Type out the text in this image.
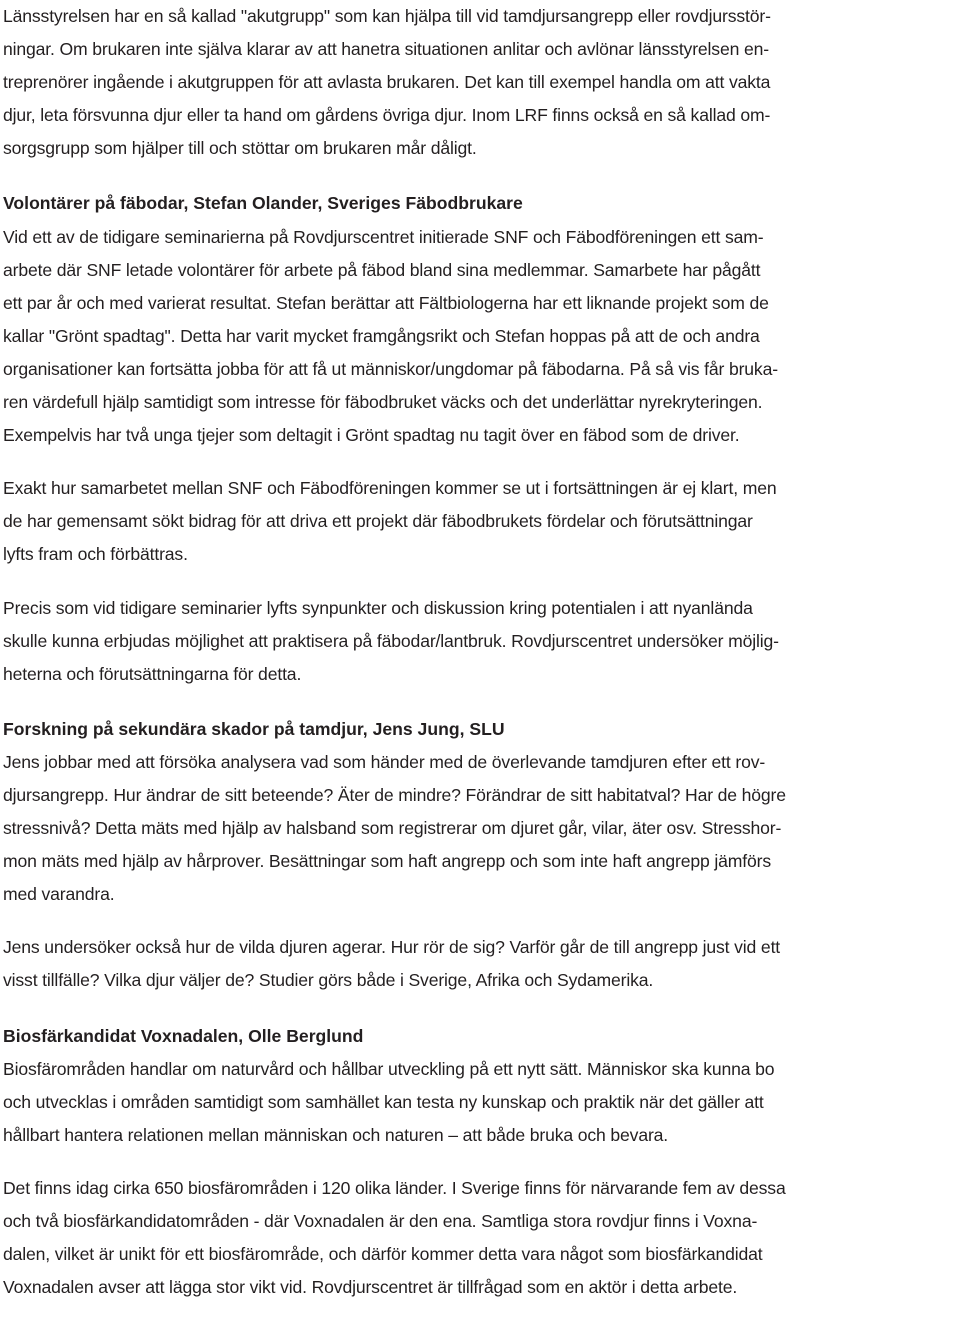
Länsstyrelsen har en så kallad "akutgrupp" som kan hjälpa till vid tamdjursangrepp eller rovdjursstör-
ningar. Om brukaren inte själva klarar av att hanetra situationen anlitar och avlönar länsstyrelsen en-
treprenörer ingående i akutgruppen för att avlasta brukaren. Det kan till exempel handla om att vakta
djur, leta försvunna djur eller ta hand om gårdens övriga djur. Inom LRF finns också en så kallad om-
sorgsgrupp som hjälper till och stöttar om brukaren mår dåligt.

Volontärer på fäbodar, Stefan Olander, Sveriges Fäbodbrukare

Vid ett av de tidigare seminarierna på Rovdjurscentret initierade SNF och Fäbodföreningen ett sam-
arbete där SNF letade volontärer för arbete på fäbod bland sina medlemmar. Samarbete har pågått
ett par år och med varierat resultat. Stefan berättar att Fältbiologerna har ett liknande projekt som de
kallar "Grönt spadtag". Detta har varit mycket framgångsrikt och Stefan hoppas på att de och andra
organisationer kan fortsätta jobba för att få ut människor/ungdomar på fäbodarna. På så vis får bruka-
ren värdefull hjälp samtidigt som intresse för fäbodbruket väcks och det underlättar nyrekryteringen.
Exempelvis har två unga tjejer som deltagit i Grönt spadtag nu tagit över en fäbod som de driver.

Exakt hur samarbetet mellan SNF och Fäbodföreningen kommer se ut i fortsättningen är ej klart, men
de har gemensamt sökt bidrag för att driva ett projekt där fäbodbrukets fördelar och förutsättningar
lyfts fram och förbättras.

Precis som vid tidigare seminarier lyfts synpunkter och diskussion kring potentialen i att nyanlända
skulle kunna erbjudas möjlighet att praktisera på fäbodar/lantbruk. Rovdjurscentret undersöker möjlig-
heterna och förutsättningarna för detta.

Forskning på sekundära skador på tamdjur, Jens Jung, SLU

Jens jobbar med att försöka analysera vad som händer med de överlevande tamdjuren efter ett rov-
djursangrepp. Hur ändrar de sitt beteende? Äter de mindre? Förändrar de sitt habitatval? Har de högre
stressnivå? Detta mäts med hjälp av halsband som registrerar om djuret går, vilar, äter osv. Stresshor-
mon mäts med hjälp av hårprover. Besättningar som haft angrepp och som inte haft angrepp jämförs
med varandra.

Jens undersöker också hur de vilda djuren agerar. Hur rör de sig? Varför går de till angrepp just vid ett
visst tillfälle? Vilka djur väljer de? Studier görs både i Sverige, Afrika och Sydamerika.

Biosfärkandidat Voxnadalen, Olle Berglund

Biosfärområden handlar om naturvård och hållbar utveckling på ett nytt sätt. Människor ska kunna bo
och utvecklas i områden samtidigt som samhället kan testa ny kunskap och praktik när det gäller att
hållbart hantera relationen mellan människan och naturen – att både bruka och bevara.

Det finns idag cirka 650 biosfärområden i 120 olika länder. I Sverige finns för närvarande fem av dessa
och två biosfärkandidatområden - där Voxnadalen är den ena. Samtliga stora rovdjur finns i Voxna-
dalen, vilket är unikt för ett biosfärområde, och därför kommer detta vara något som biosfärkandidat
Voxnadalen avser att lägga stor vikt vid. Rovdjurscentret är tillfrågad som en aktör i detta arbete.
